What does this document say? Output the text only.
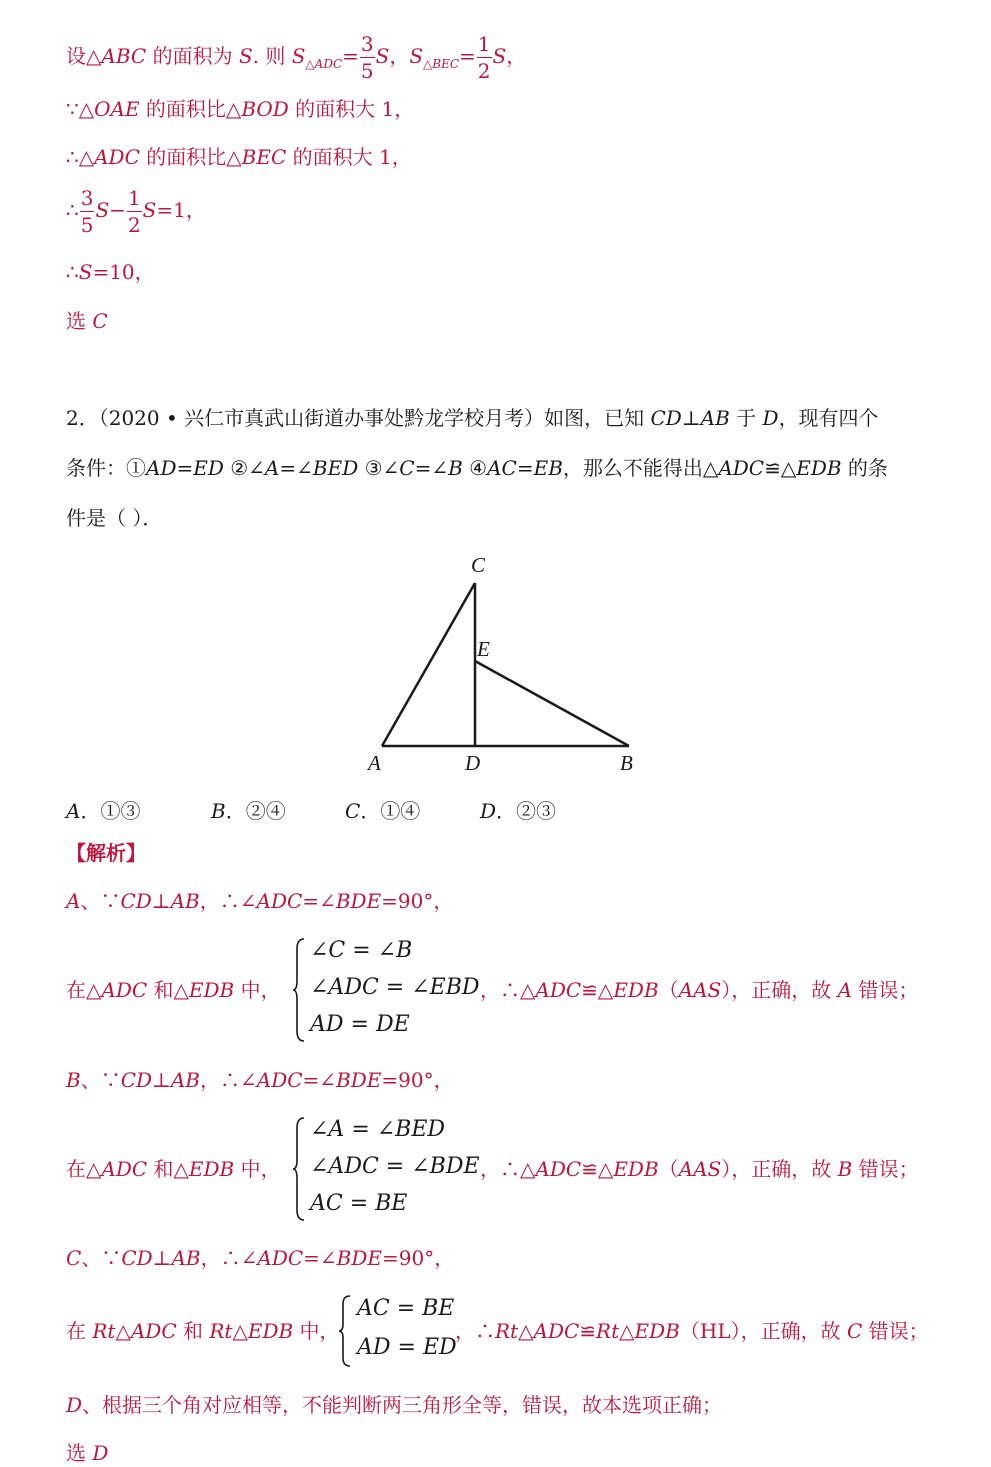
设△ABC 的面积为 S. 则 $S_{\triangle ADC}= \frac{3}{5}$ S，$S_{\triangle BEC}= \frac{1}{2}$ S，
∵△OAE 的面积比△BOD 的面积大 1，
∴△ADC 的面积比△BEC 的面积大 1，
∴ $\frac{3}{5} S- \frac{1}{2} S=1$，
∴S=10，
选 C
2．（2020 • 兴仁市真武山街道办事处黔龙学校月考）如图，已知 CD⊥AB 于 D，现有四个
条件：①AD=ED ②∠A=∠BED ③∠C=∠B ④AC=EB，那么不能得出△ADC≌△EDB 的条
件是（ ）．
C
E
A	D	B
A．①③	B．②④	C．①④	D．②③
【解析】
A、∵CD⊥AB，∴∠ADC=∠BDE=90°，
在△ADC 和△EDB 中，
∠C = ∠B
∠ADC = ∠EBD
AD = DE
，∴△ADC≌△EDB（AAS），正确，故 A 错误；
B、∵CD⊥AB，∴∠ADC=∠BDE=90°，
在△ADC 和△EDB 中，
∠A = ∠BED
∠ADC = ∠BDE
AC = BE
，∴△ADC≌△EDB（AAS），正确，故 B 错误；
C、∵CD⊥AB，∴∠ADC=∠BDE=90°，
在 Rt△ADC 和 Rt△EDB 中，
AC = BE
AD = ED
，∴Rt△ADC≌Rt△EDB（HL），正确，故 C 错误；
D、根据三个角对应相等，不能判断两三角形全等，错误，故本选项正确；
选 D
